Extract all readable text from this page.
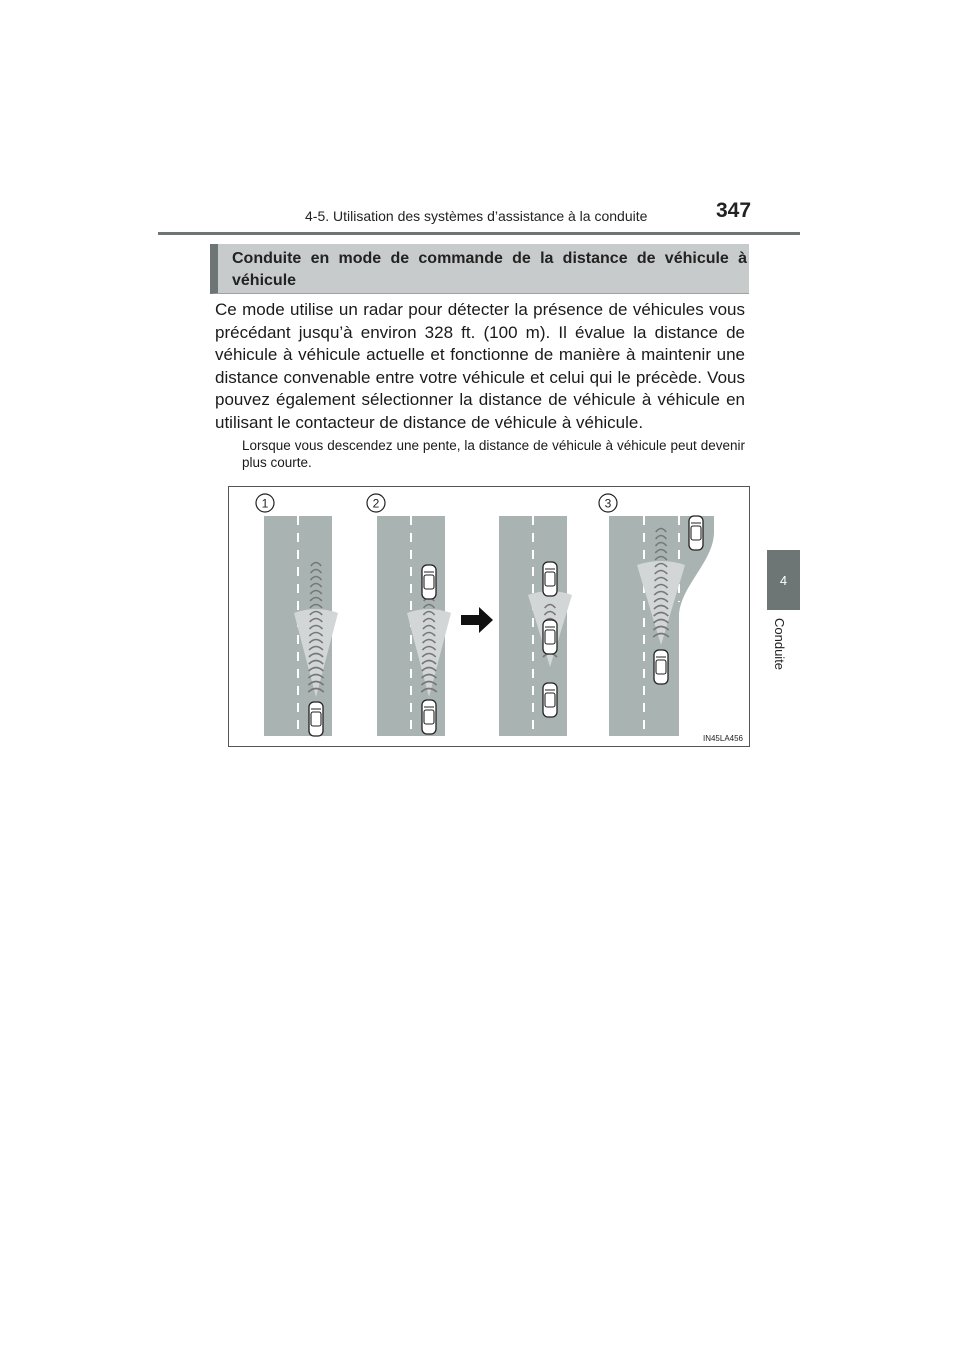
4-5. Utilisation des systèmes d’assistance à la conduite	347
4
Conduite
Conduite en mode de commande de la distance de véhicule à véhicule
Ce mode utilise un radar pour détecter la présence de véhicules vous précédant jusqu’à environ 328 ft. (100 m). Il évalue la distance de véhicule à véhicule actuelle et fonctionne de manière à maintenir une distance convenable entre votre véhicule et celui qui le précède. Vous pouvez également sélectionner la distance de véhicule à véhicule en utilisant le contacteur de distance de véhicule à véhicule.
Lorsque vous descendez une pente, la distance de véhicule à véhicule peut devenir plus courte.
1	2	3
IN45LA456
